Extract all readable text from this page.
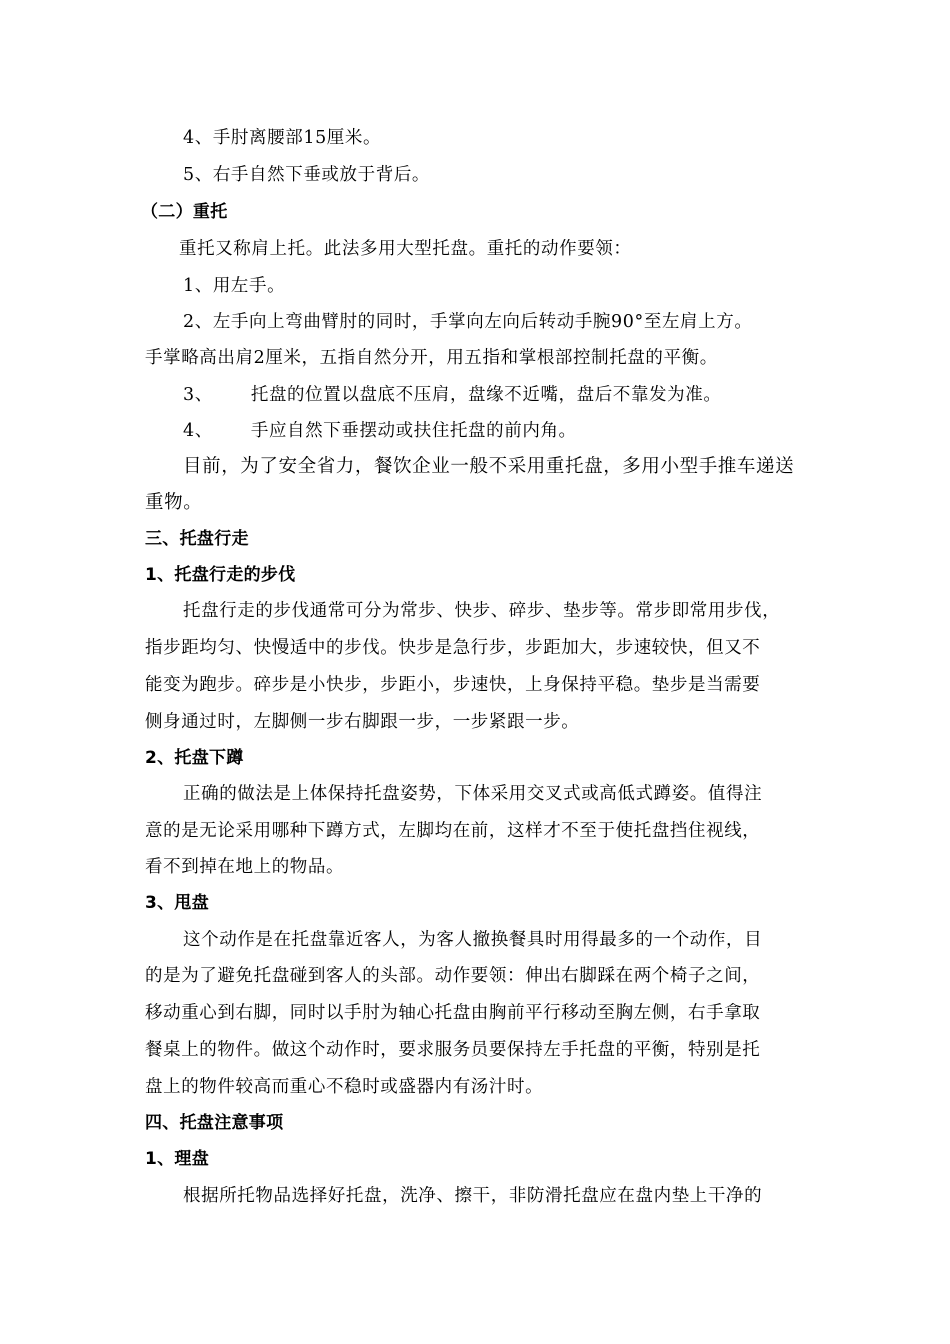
4、手肘离腰部15厘米。
5、右手自然下垂或放于背后。
（二）重托
重托又称肩上托。此法多用大型托盘。重托的动作要领：
1、用左手。
2、左手向上弯曲臂肘的同时，手掌向左向后转动手腕90°至左肩上方。
手掌略高出肩2厘米，五指自然分开，用五指和掌根部控制托盘的平衡。
3、 托盘的位置以盘底不压肩，盘缘不近嘴，盘后不靠发为准。
4、 手应自然下垂摆动或扶住托盘的前内角。
目前，为了安全省力，餐饮企业一般不采用重托盘，多用小型手推车递送
重物。
三、托盘行走
1、托盘行走的步伐
托盘行走的步伐通常可分为常步、快步、碎步、垫步等。常步即常用步伐，
指步距均匀、快慢适中的步伐。快步是急行步，步距加大，步速较快，但又不
能变为跑步。碎步是小快步，步距小，步速快，上身保持平稳。垫步是当需要
侧身通过时，左脚侧一步右脚跟一步，一步紧跟一步。
2、托盘下蹲
正确的做法是上体保持托盘姿势，下体采用交叉式或高低式蹲姿。值得注
意的是无论采用哪种下蹲方式，左脚均在前，这样才不至于使托盘挡住视线，
看不到掉在地上的物品。
3、甩盘
这个动作是在托盘靠近客人，为客人撤换餐具时用得最多的一个动作，目
的是为了避免托盘碰到客人的头部。动作要领：伸出右脚踩在两个椅子之间，
移动重心到右脚，同时以手肘为轴心托盘由胸前平行移动至胸左侧，右手拿取
餐桌上的物件。做这个动作时，要求服务员要保持左手托盘的平衡，特别是托
盘上的物件较高而重心不稳时或盛器内有汤汁时。
四、托盘注意事项
1、理盘
根据所托物品选择好托盘，洗净、擦干，非防滑托盘应在盘内垫上干净的
